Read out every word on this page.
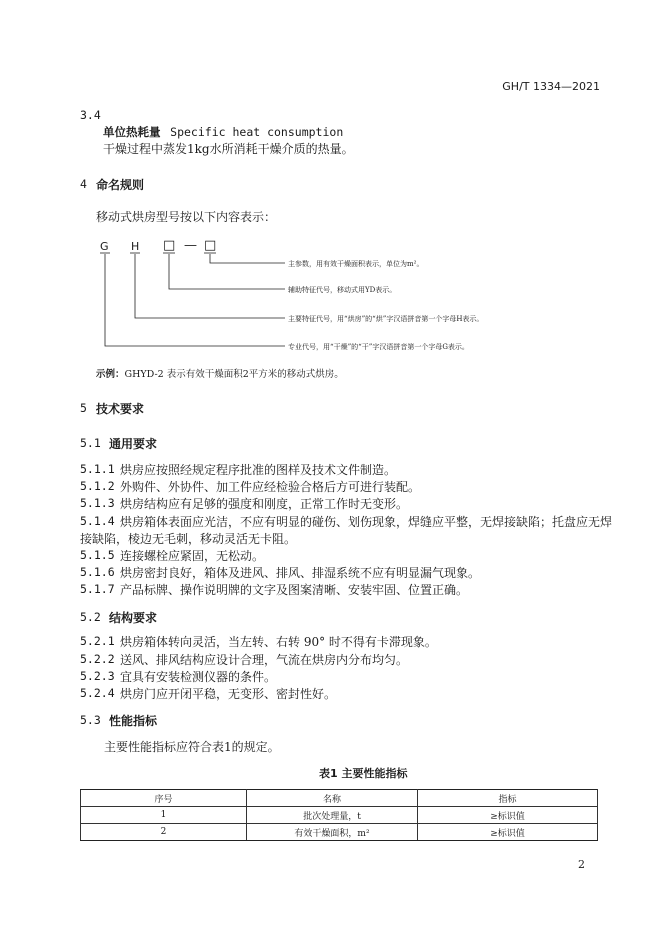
GH/T 1334—2021
3.4
单位热耗量 Specific heat consumption
干燥过程中蒸发1kg水所消耗干燥介质的热量。
4 命名规则
移动式烘房型号按以下内容表示：
G H □ — □
主参数，用有效干燥面积表示，单位为m²。
辅助特征代号，移动式用YD表示。
主要特征代号，用“烘房”的“烘”字汉语拼音第一个字母H表示。
专业代号，用“干燥”的“干”字汉语拼音第一个字母G表示。
示例：GHYD-2 表示有效干燥面积2平方米的移动式烘房。
5 技术要求
5.1 通用要求
5.1.1 烘房应按照经规定程序批准的图样及技术文件制造。
5.1.2 外购件、外协件、加工件应经检验合格后方可进行装配。
5.1.3 烘房结构应有足够的强度和刚度，正常工作时无变形。
5.1.4 烘房箱体表面应光洁，不应有明显的碰伤、划伤现象，焊缝应平整，无焊接缺陷；托盘应无焊
接缺陷，棱边无毛刺，移动灵活无卡阻。
5.1.5 连接螺栓应紧固，无松动。
5.1.6 烘房密封良好，箱体及进风、排风、排湿系统不应有明显漏气现象。
5.1.7 产品标牌、操作说明牌的文字及图案清晰、安装牢固、位置正确。
5.2 结构要求
5.2.1 烘房箱体转向灵活，当左转、右转 90° 时不得有卡滞现象。
5.2.2 送风、排风结构应设计合理，气流在烘房内分布均匀。
5.2.3 宜具有安装检测仪器的条件。
5.2.4 烘房门应开闭平稳，无变形、密封性好。
5.3 性能指标
主要性能指标应符合表1的规定。
表1 主要性能指标
序号	名称	指标
1	批次处理量，t	≥标识值
2	有效干燥面积，m²	≥标识值
2
